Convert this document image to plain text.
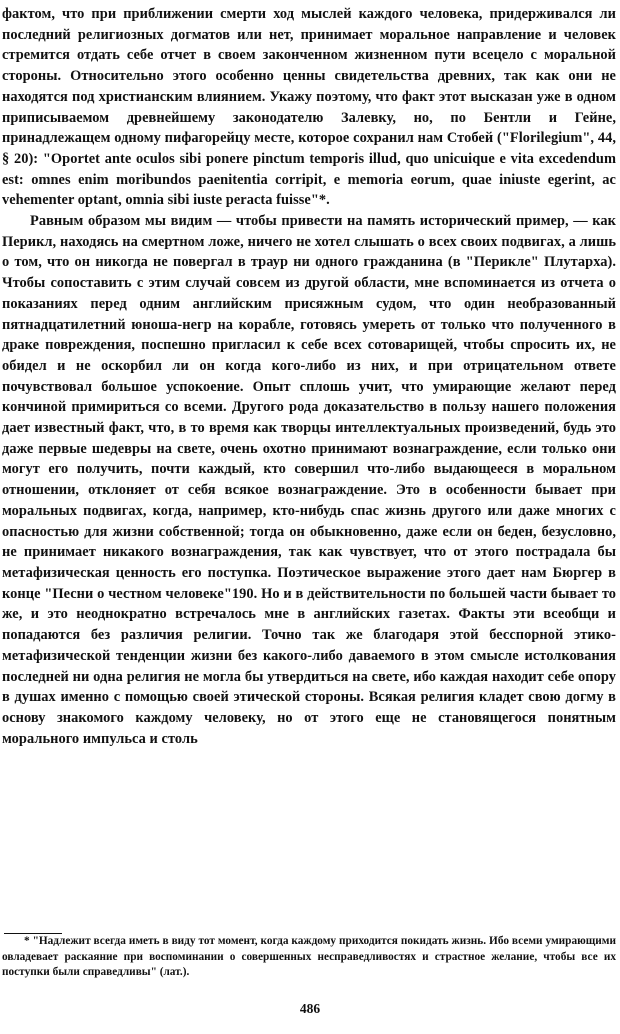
фактом, что при приближении смерти ход мыслей каждого человека, придерживался ли последний религиозных догматов или нет, принимает моральное направление и человек стремится отдать себе отчет в своем законченном жизненном пути всецело с моральной стороны. Относительно этого особенно ценны свидетельства древних, так как они не находятся под христианским влиянием. Укажу поэтому, что факт этот высказан уже в одном приписываемом древнейшему законодателю Залевку, но, по Бентли и Гейне, принадлежащем одному пифагорейцу месте, которое сохранил нам Стобей ("Florilegium", 44, § 20): "Oportet ante oculos sibi ponere pinctum temporis illud, quo unicuique e vita excedendum est: omnes enim moribundos paenitentia corripit, e memoria eorum, quae iniuste egerint, ac vehementer optant, omnia sibi iuste peracta fuisse"*.

Равным образом мы видим — чтобы привести на память исторический пример, — как Перикл, находясь на смертном ложе, ничего не хотел слышать о всех своих подвигах, а лишь о том, что он никогда не повергал в траур ни одного гражданина (в "Перикле" Плутарха). Чтобы сопоставить с этим случай совсем из другой области, мне вспоминается из отчета о показаниях перед одним английским присяжным судом, что один необразованный пятнадцатилетний юноша-негр на корабле, готовясь умереть от только что полученного в драке повреждения, поспешно пригласил к себе всех сотоварищей, чтобы спросить их, не обидел и не оскорбил ли он когда кого-либо из них, и при отрицательном ответе почувствовал большое успокоение. Опыт сплошь учит, что умирающие желают перед кончиной примириться со всеми. Другого рода доказательство в пользу нашего положения дает известный факт, что, в то время как творцы интеллектуальных произведений, будь это даже первые шедевры на свете, очень охотно принимают вознаграждение, если только они могут его получить, почти каждый, кто совершил что-либо выдающееся в моральном отношении, отклоняет от себя всякое вознаграждение. Это в особенности бывает при моральных подвигах, когда, например, кто-нибудь спас жизнь другого или даже многих с опасностью для жизни собственной; тогда он обыкновенно, даже если он беден, безусловно, не принимает никакого вознаграждения, так как чувствует, что от этого пострадала бы метафизическая ценность его поступка. Поэтическое выражение этого дает нам Бюргер в конце "Песни о честном человеке"190. Но и в действительности по большей части бывает то же, и это неоднократно встречалось мне в английских газетах. Факты эти всеобщи и попадаются без различия религии. Точно так же благодаря этой бесспорной этико-метафизической тенденции жизни без какого-либо даваемого в этом смысле истолкования последней ни одна религия не могла бы утвердиться на свете, ибо каждая находит себе опору в душах именно с помощью своей этической стороны. Всякая религия кладет свою догму в основу знакомого каждому человеку, но от этого еще не становящегося понятным морального импульса и столь

* "Надлежит всегда иметь в виду тот момент, когда каждому приходится покидать жизнь. Ибо всеми умирающими овладевает раскаяние при воспоминании о совершенных несправедливостях и страстное желание, чтобы все их поступки были справедливы" (лат.).
486
